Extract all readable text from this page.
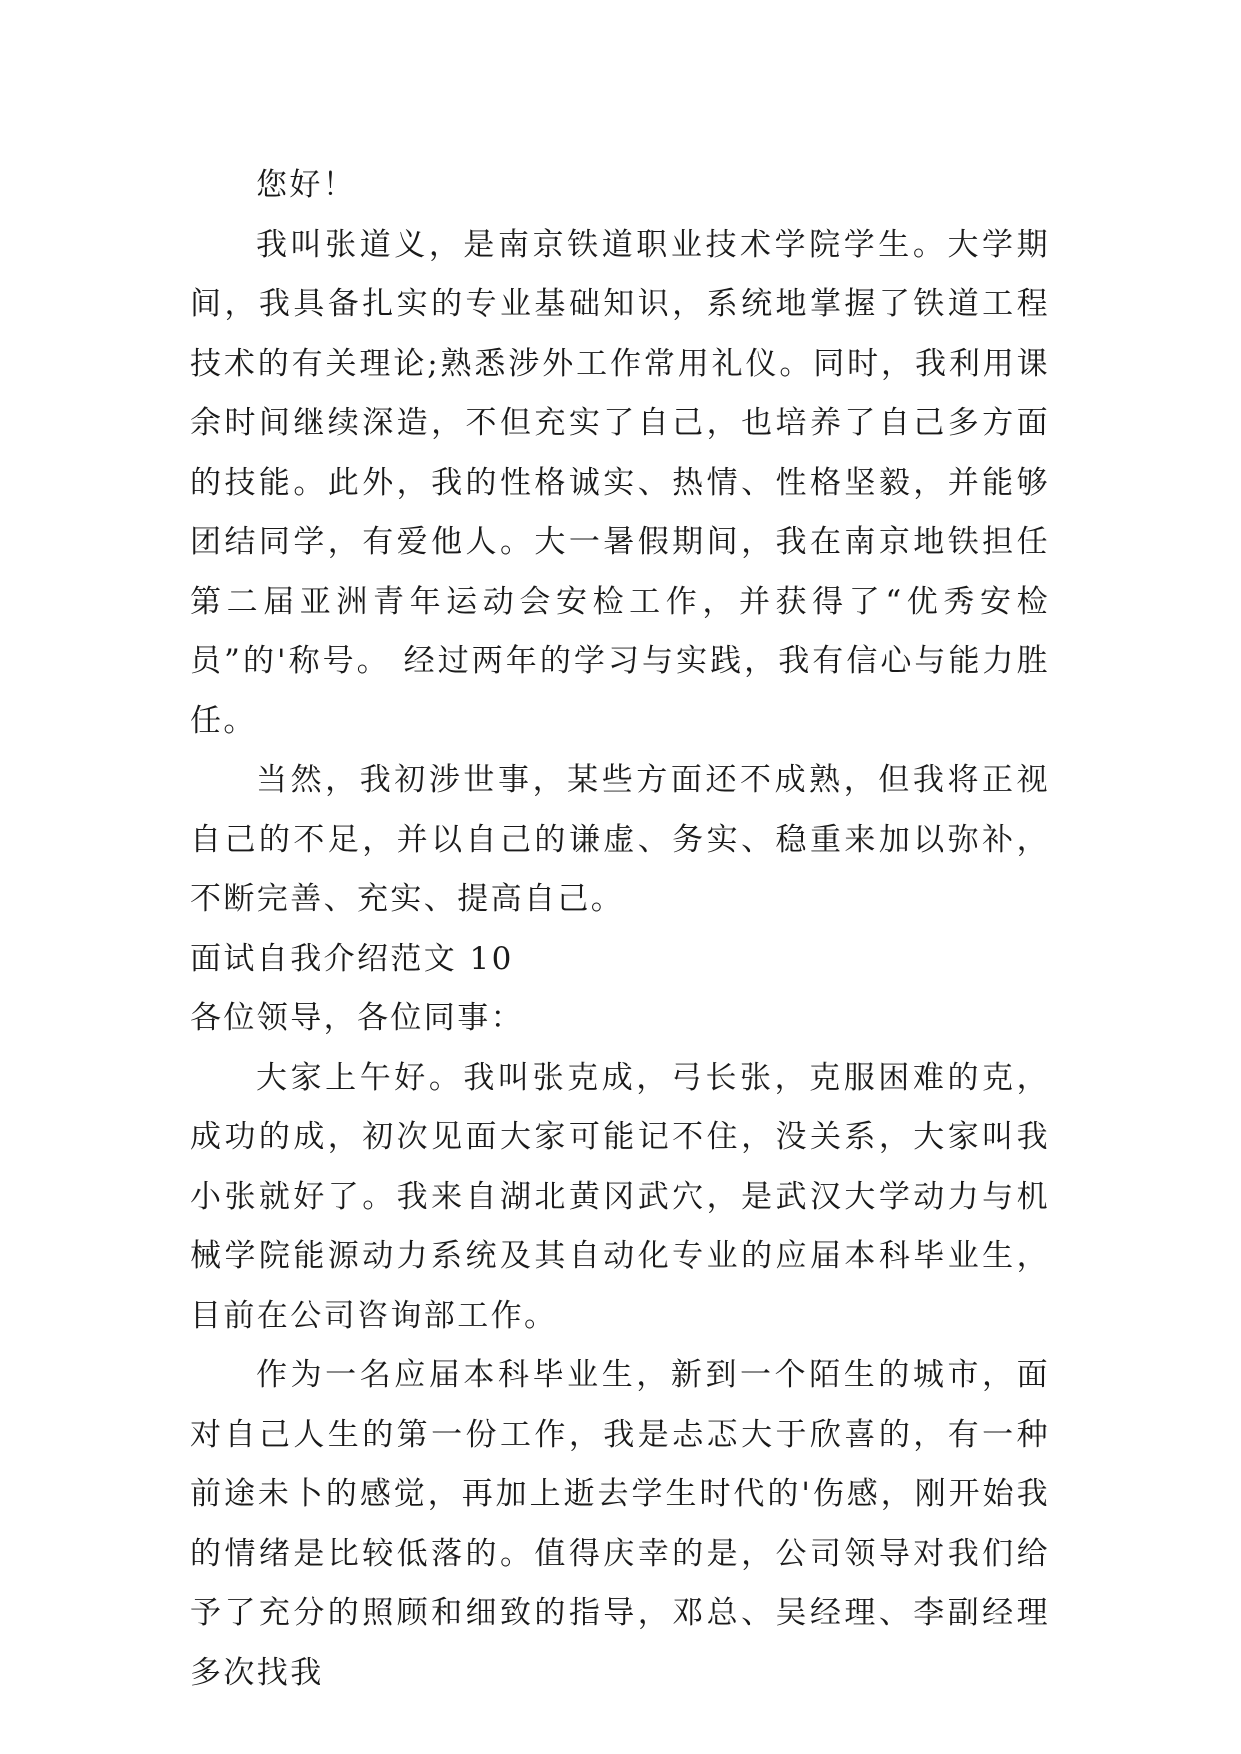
您好！

我叫张道义，是南京铁道职业技术学院学生。大学期间，我具备扎实的专业基础知识，系统地掌握了铁道工程技术的有关理论;熟悉涉外工作常用礼仪。同时，我利用课余时间继续深造，不但充实了自己，也培养了自己多方面的技能。此外，我的性格诚实、热情、性格坚毅，并能够团结同学，有爱他人。大一暑假期间，我在南京地铁担任第二届亚洲青年运动会安检工作，并获得了“优秀安检员”的'称号。 经过两年的学习与实践，我有信心与能力胜任。

当然，我初涉世事，某些方面还不成熟，但我将正视自己的不足，并以自己的谦虚、务实、稳重来加以弥补，不断完善、充实、提高自己。

面试自我介绍范文 10

各位领导，各位同事：

大家上午好。我叫张克成，弓长张，克服困难的克，成功的成，初次见面大家可能记不住，没关系，大家叫我小张就好了。我来自湖北黄冈武穴，是武汉大学动力与机械学院能源动力系统及其自动化专业的应届本科毕业生，目前在公司咨询部工作。

作为一名应届本科毕业生，新到一个陌生的城市，面对自己人生的第一份工作，我是忐忑大于欣喜的，有一种前途未卜的感觉，再加上逝去学生时代的'伤感，刚开始我的情绪是比较低落的。值得庆幸的是，公司领导对我们给予了充分的照顾和细致的指导，邓总、吴经理、李副经理多次找我
